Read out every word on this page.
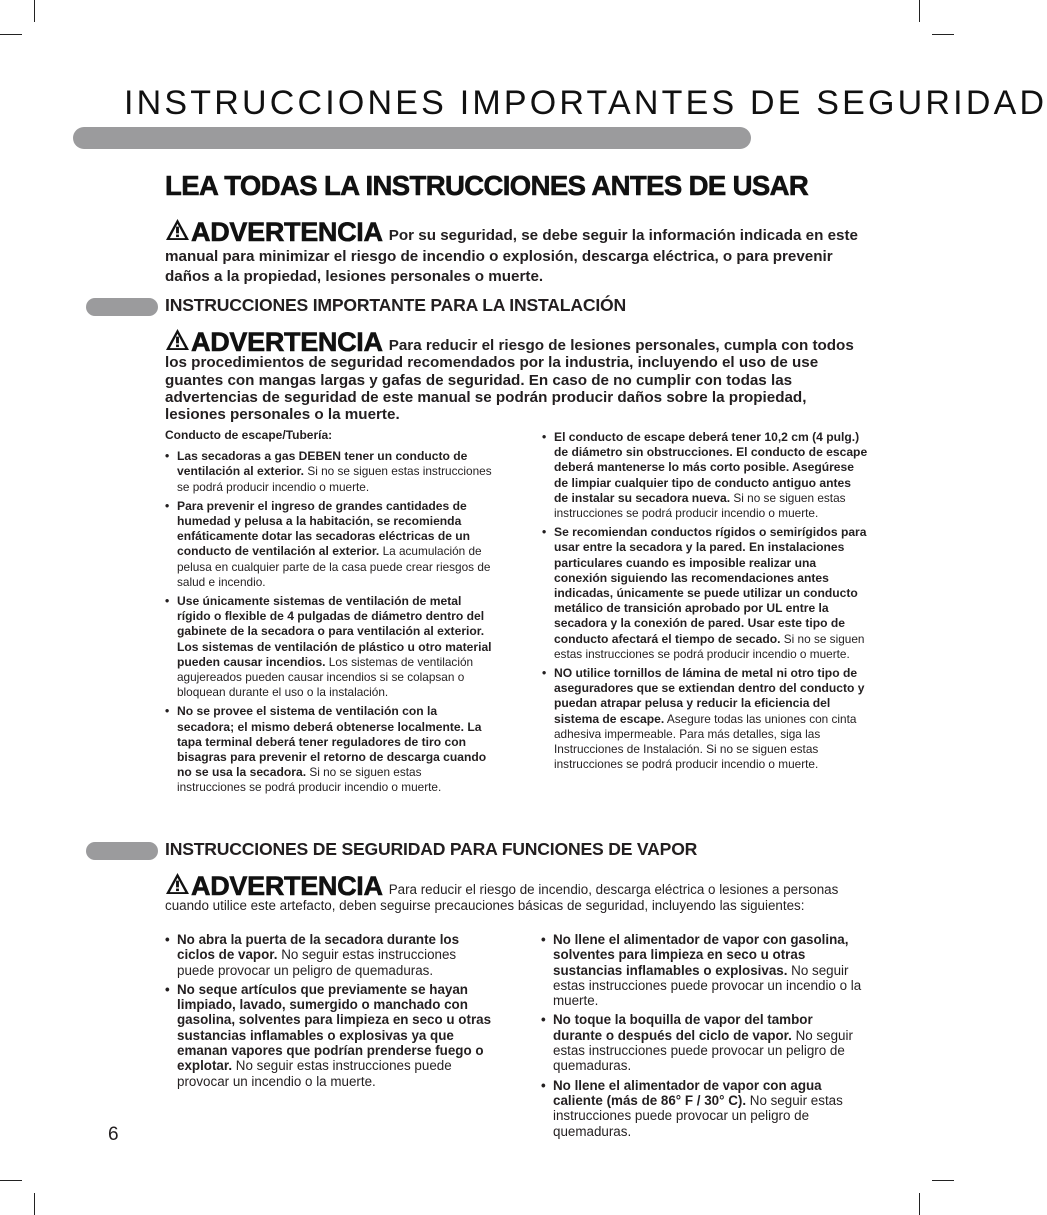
INSTRUCCIONES IMPORTANTES DE SEGURIDAD
LEA TODAS LA INSTRUCCIONES ANTES DE USAR

ADVERTENCIA Por su seguridad, se debe seguir la información indicada en este manual para minimizar el riesgo de incendio o explosión, descarga eléctrica, o para prevenir daños a la propiedad, lesiones personales o muerte.

INSTRUCCIONES IMPORTANTE PARA LA INSTALACIÓN

ADVERTENCIA Para reducir el riesgo de lesiones personales, cumpla con todos los procedimientos de seguridad recomendados por la industria, incluyendo el uso de use guantes con mangas largas y gafas de seguridad. En caso de no cumplir con todas las advertencias de seguridad de este manual se podrán producir daños sobre la propiedad, lesiones personales o la muerte.

Conducto de escape/Tubería:

• Las secadoras a gas DEBEN tener un conducto de ventilación al exterior. Si no se siguen estas instrucciones se podrá producir incendio o muerte.
• Para prevenir el ingreso de grandes cantidades de humedad y pelusa a la habitación, se recomienda enfáticamente dotar las secadoras eléctricas de un conducto de ventilación al exterior. La acumulación de pelusa en cualquier parte de la casa puede crear riesgos de salud e incendio.
• Use únicamente sistemas de ventilación de metal rígido o flexible de 4 pulgadas de diámetro dentro del gabinete de la secadora o para ventilación al exterior. Los sistemas de ventilación de plástico u otro material pueden causar incendios. Los sistemas de ventilación agujereados pueden causar incendios si se colapsan o bloquean durante el uso o la instalación.
• No se provee el sistema de ventilación con la secadora; el mismo deberá obtenerse localmente. La tapa terminal deberá tener reguladores de tiro con bisagras para prevenir el retorno de descarga cuando no se usa la secadora. Si no se siguen estas instrucciones se podrá producir incendio o muerte.
• El conducto de escape deberá tener 10,2 cm (4 pulg.) de diámetro sin obstrucciones. El conducto de escape deberá mantenerse lo más corto posible. Asegúrese de limpiar cualquier tipo de conducto antiguo antes de instalar su secadora nueva. Si no se siguen estas instrucciones se podrá producir incendio o muerte.
• Se recomiendan conductos rígidos o semirígidos para usar entre la secadora y la pared. En instalaciones particulares cuando es imposible realizar una conexión siguiendo las recomendaciones antes indicadas, únicamente se puede utilizar un conducto metálico de transición aprobado por UL entre la secadora y la conexión de pared. Usar este tipo de conducto afectará el tiempo de secado. Si no se siguen estas instrucciones se podrá producir incendio o muerte.
• NO utilice tornillos de lámina de metal ni otro tipo de aseguradores que se extiendan dentro del conducto y puedan atrapar pelusa y reducir la eficiencia del sistema de escape. Asegure todas las uniones con cinta adhesiva impermeable. Para más detalles, siga las Instrucciones de Instalación. Si no se siguen estas instrucciones se podrá producir incendio o muerte.
INSTRUCCIONES DE SEGURIDAD PARA FUNCIONES DE VAPOR

ADVERTENCIA Para reducir el riesgo de incendio, descarga eléctrica o lesiones a personas cuando utilice este artefacto, deben seguirse precauciones básicas de seguridad, incluyendo las siguientes:

• No abra la puerta de la secadora durante los ciclos de vapor. No seguir estas instrucciones puede provocar un peligro de quemaduras.
• No seque artículos que previamente se hayan limpiado, lavado, sumergido o manchado con gasolina, solventes para limpieza en seco u otras sustancias inflamables o explosivas ya que emanan vapores que podrían prenderse fuego o explotar. No seguir estas instrucciones puede provocar un incendio o la muerte.
• No llene el alimentador de vapor con gasolina, solventes para limpieza en seco u otras sustancias inflamables o explosivas. No seguir estas instrucciones puede provocar un incendio o la muerte.
• No toque la boquilla de vapor del tambor durante o después del ciclo de vapor. No seguir estas instrucciones puede provocar un peligro de quemaduras.
• No llene el alimentador de vapor con agua caliente (más de 86° F / 30° C). No seguir estas instrucciones puede provocar un peligro de quemaduras.
6
